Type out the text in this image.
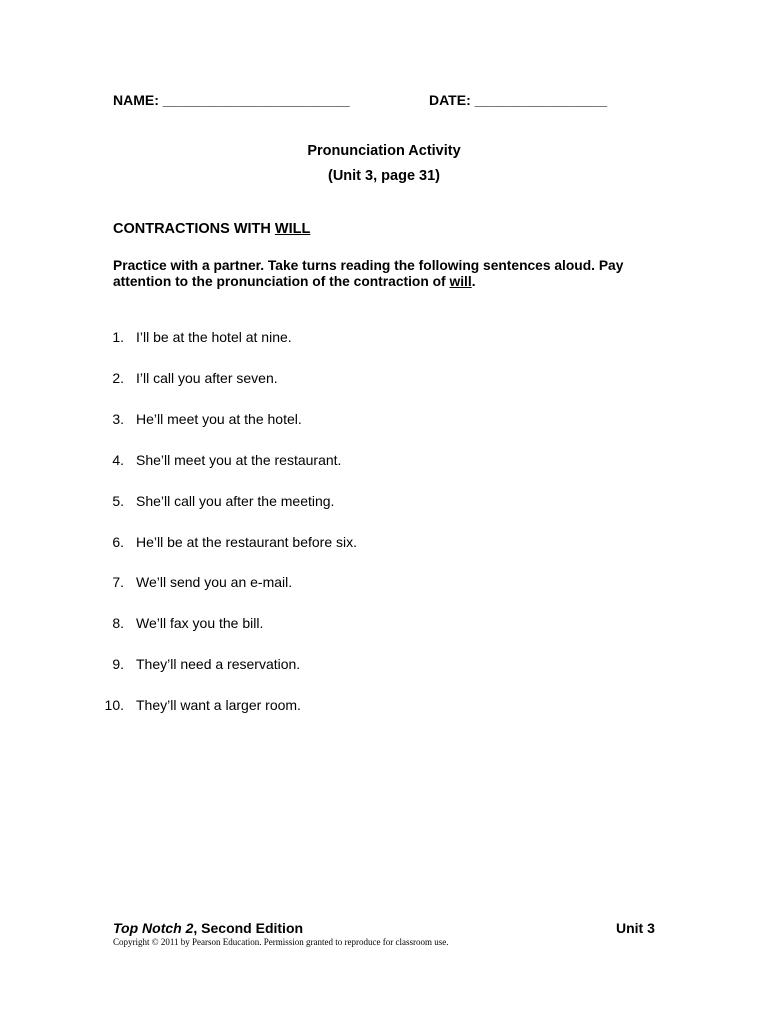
NAME: ________________________	DATE: _________________
Pronunciation Activity
(Unit 3, page 31)
CONTRACTIONS WITH WILL
Practice with a partner. Take turns reading the following sentences aloud. Pay attention to the pronunciation of the contraction of will.
1. I’ll be at the hotel at nine.
2. I’ll call you after seven.
3. He’ll meet you at the hotel.
4. She’ll meet you at the restaurant.
5. She’ll call you after the meeting.
6. He’ll be at the restaurant before six.
7. We’ll send you an e-mail.
8. We’ll fax you the bill.
9. They’ll need a reservation.
10. They’ll want a larger room.
Top Notch 2, Second Edition	Unit 3
Copyright © 2011 by Pearson Education. Permission granted to reproduce for classroom use.
